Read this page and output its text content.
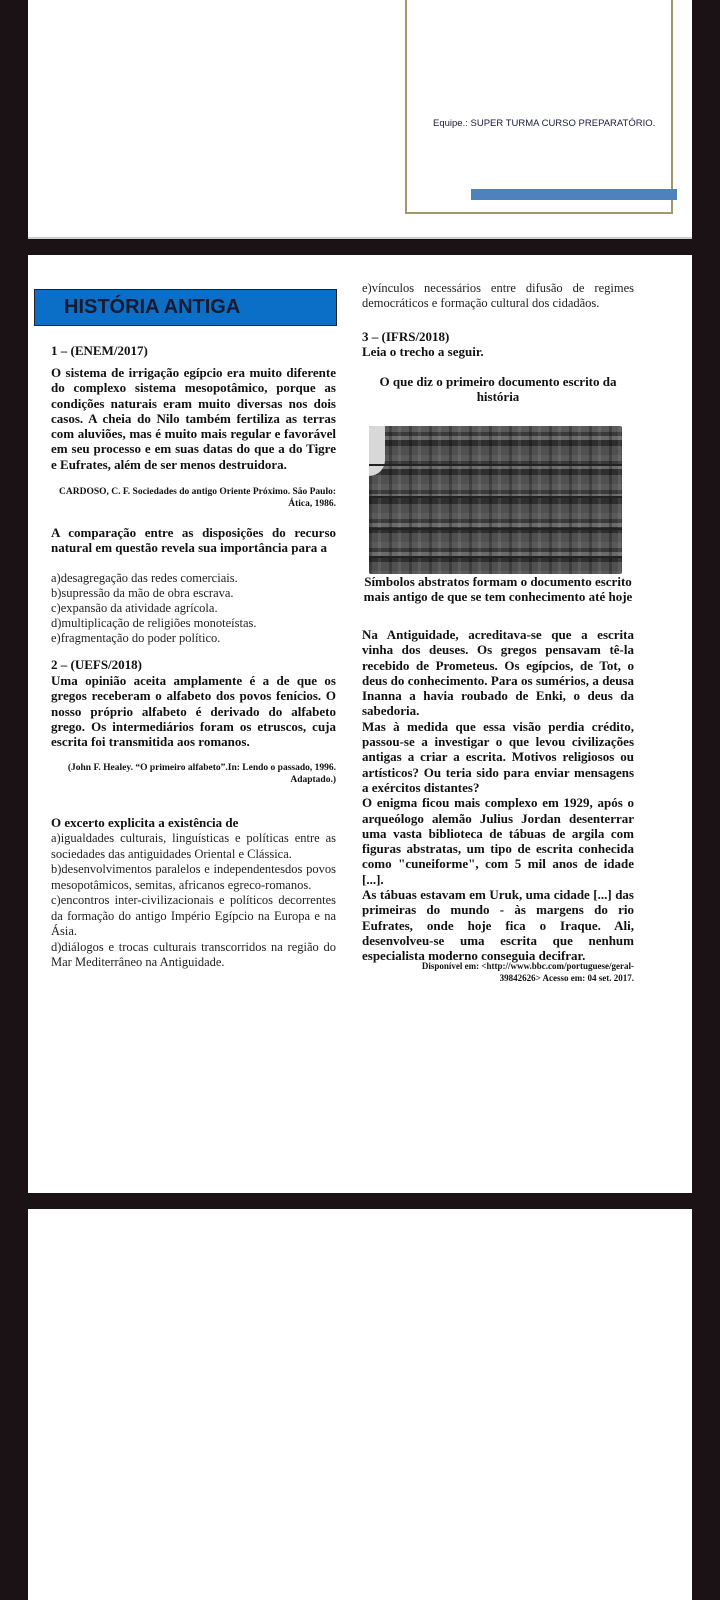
Equipe.: SUPER TURMA CURSO PREPARATÓRIO.
HISTÓRIA ANTIGA
1 – (ENEM/2017)
O sistema de irrigação egípcio era muito diferente do complexo sistema mesopotâmico, porque as condições naturais eram muito diversas nos dois casos. A cheia do Nilo também fertiliza as terras com aluviões, mas é muito mais regular e favorável em seu processo e em suas datas do que a do Tigre e Eufrates, além de ser menos destruidora.
CARDOSO, C. F. Sociedades do antigo Oriente Próximo. São Paulo: Ática, 1986.
A comparação entre as disposições do recurso natural em questão revela sua importância para a
a)desagregação das redes comerciais.
b)supressão da mão de obra escrava.
c)expansão da atividade agrícola.
d)multiplicação de religiões monoteístas.
e)fragmentação do poder político.
2 – (UEFS/2018)
Uma opinião aceita amplamente é a de que os gregos receberam o alfabeto dos povos fenícios. O nosso próprio alfabeto é derivado do alfabeto grego. Os intermediários foram os etruscos, cuja escrita foi transmitida aos romanos.
(John F. Healey. “O primeiro alfabeto”.In: Lendo o passado, 1996. Adaptado.)
O excerto explicita a existência de
a)igualdades culturais, linguísticas e políticas entre as sociedades das antiguidades Oriental e Clássica.
b)desenvolvimentos paralelos e independentesdos povos mesopotâmicos, semitas, africanos egreco-romanos.
c)encontros inter-civilizacionais e políticos decorrentes da formação do antigo Império Egípcio na Europa e na Ásia.
d)diálogos e trocas culturais transcorridos na região do Mar Mediterrâneo na Antiguidade.
e)vínculos necessários entre difusão de regimes democráticos e formação cultural dos cidadãos.
3 – (IFRS/2018)
Leia o trecho a seguir.
O que diz o primeiro documento escrito da história
Símbolos abstratos formam o documento escrito mais antigo de que se tem conhecimento até hoje
Na Antiguidade, acreditava-se que a escrita vinha dos deuses. Os gregos pensavam tê-la recebido de Prometeus. Os egípcios, de Tot, o deus do conhecimento. Para os sumérios, a deusa Inanna a havia roubado de Enki, o deus da sabedoria.
Mas à medida que essa visão perdia crédito, passou-se a investigar o que levou civilizações antigas a criar a escrita. Motivos religiosos ou artísticos? Ou teria sido para enviar mensagens a exércitos distantes?
O enigma ficou mais complexo em 1929, após o arqueólogo alemão Julius Jordan desenterrar uma vasta biblioteca de tábuas de argila com figuras abstratas, um tipo de escrita conhecida como "cuneiforme", com 5 mil anos de idade [...].
As tábuas estavam em Uruk, uma cidade [...] das primeiras do mundo - às margens do rio Eufrates, onde hoje fica o Iraque. Ali, desenvolveu-se uma escrita que nenhum especialista moderno conseguia decifrar.
Disponível em: <http://www.bbc.com/portuguese/geral-39842626> Acesso em: 04 set. 2017.
